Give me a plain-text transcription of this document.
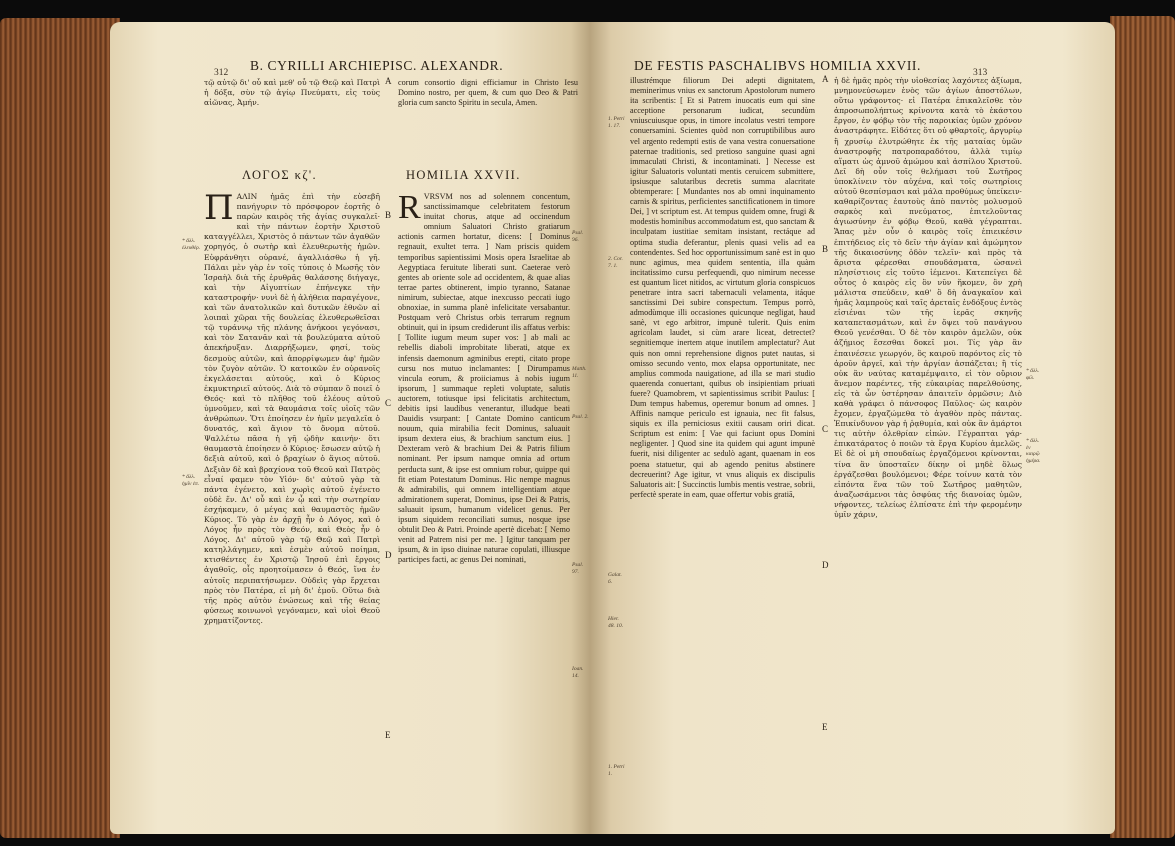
312 B. CYRILLI ARCHIEPISC. ALEXANDR.
τῷ αὐτῷ δι' οὗ καὶ μεθ' οὗ τῷ Θεῷ καὶ Πατρὶ ἡ δόξα, σὺν τῷ ἁγίῳ Πνεύματι, εἰς τοὺς αἰῶνας, Ἀμήν.
corum consortio digni efficiamur in Christo Iesu Domino nostro, per quem, & cum quo Deo & Patri gloria cum sancto Spiritu in secula, Amen.
ΛΟΓΟΣ κζ'.	HOMILIA XXVII.
ΠΑΛΙΝ ἡμᾶς ἐπὶ τὴν εὐσεβῆ πανήγυριν τὸ πρόσφορον ἐορτῆς ὁ παρὼν καιρὸς τῆς ἁγίας συγκαλεῖ· καὶ τὴν πάντων ἑορτὴν Χριστοῦ καταγγέλλει, Χριστὸς ὁ πάντων τῶν ἀγαθῶν χορηγός, ὁ σωτὴρ καὶ ἐλευθερωτὴς ἡμῶν. Εὐφράνθητι οὐρανέ, ἀγαλλιάσθω ἡ γῆ. Πάλαι μὲν γὰρ ἐν τοῖς τύποις ὁ Μωσῆς τὸν Ἰσραὴλ διὰ τῆς ἐρυθρᾶς θαλάσσης διήγαγε, καὶ τὴν Αἰγυπτίων ἐπήνεγκε τὴν καταστροφήν· νυνὶ δὲ ἡ ἀλήθεια παραγέγονε, καὶ τῶν ἀνατολικῶν καὶ δυτικῶν ἐθνῶν αἱ λοιπαὶ χῶραι τῆς δουλείας ἐλευθερωθεῖσαι τῷ τυράννῳ τῆς πλάνης ἀνήκοοι γεγόνασι, καὶ τὸν Σατανᾶν καὶ τὰ βουλεύματα αὐτοῦ ἀπεκήρυξαν. Διαρρήξωμεν, φησί, τοὺς δεσμοὺς αὐτῶν, καὶ ἀπορρίψωμεν ἀφ' ἡμῶν τὸν ζυγὸν αὐτῶν. Ὁ κατοικῶν ἐν οὐρανοῖς ἐκγελάσεται αὐτούς, καὶ ὁ Κύριος ἐκμυκτηριεῖ αὐτούς. Διὰ τὸ σύμπαν ὃ ποιεῖ ὁ Θεός· καὶ τὸ πλῆθος τοῦ ἐλέους αὐτοῦ ὑμνοῦμεν, καὶ τὰ θαυμάσια τοῖς υἱοῖς τῶν ἀνθρώπων. Ὅτι ἐποίησεν ἐν ἡμῖν μεγαλεῖα ὁ δυνατός, καὶ ἅγιον τὸ ὄνομα αὐτοῦ. Ψαλλέτω πᾶσα ἡ γῆ ᾠδὴν καινήν· ὅτι θαυμαστὰ ἐποίησεν ὁ Κύριος· ἔσωσεν αὐτῷ ἡ δεξιὰ αὐτοῦ, καὶ ὁ βραχίων ὁ ἅγιος αὐτοῦ. Δεξιὰν δὲ καὶ βραχίονα τοῦ Θεοῦ καὶ Πατρὸς εἶναί φαμεν τὸν Υἱόν· δι' αὐτοῦ γὰρ τὰ πάντα ἐγένετο, καὶ χωρὶς αὐτοῦ ἐγένετο οὐδὲ ἕν. Δι' οὗ καὶ ἐν ᾧ καὶ τὴν σωτηρίαν ἐσχήκαμεν, ὁ μέγας καὶ θαυμαστὸς ἡμῶν Κύριος. Τὸ γὰρ ἐν ἀρχῇ ἦν ὁ Λόγος, καὶ ὁ Λόγος ἦν πρὸς τὸν Θεόν, καὶ Θεὸς ἦν ὁ Λόγος. Δι' αὐτοῦ γὰρ τῷ Θεῷ καὶ Πατρὶ κατηλλάγημεν, καὶ ἐσμὲν αὐτοῦ ποίημα, κτισθέντες ἐν Χριστῷ Ἰησοῦ ἐπὶ ἔργοις ἀγαθοῖς, οἷς προητοίμασεν ὁ Θεός, ἵνα ἐν αὐτοῖς περιπατήσωμεν. Οὐδεὶς γὰρ ἔρχεται πρὸς τὸν Πατέρα, εἰ μὴ δι' ἐμοῦ. Οὕτω διὰ τῆς πρὸς αὐτὸν ἑνώσεως καὶ τῆς θείας φύσεως κοινωνοὶ γεγόναμεν, καὶ υἱοὶ Θεοῦ χρηματίζοντες.
RVRSVM nos ad solennem concentum, sanctissimamque celebritatem festorum inuitat chorus, atque ad occinendum omnium Saluatori Christo gratiarum actionis carmen hortatur, dicens: [ Dominus regnauit, exultet terra. ] Nam priscis quidem temporibus sapientissimi Mosis opera Israelitae ab Aegyptiaca feruitute liberati sunt. Caeterae verò gentes ab oriente sole ad occidentem, & quae alias terrae partes obtinerent, impio tyranno, Satanae nimirum, subiectae, atque inexcusso peccati iugo obnoxiae, in summa planè infelicitate versabantur. Postquam verò Christus orbis terrarum regnum obtinuit, qui in ipsum crediderunt ilis affatus verbis: [ Tollite iugum meum super vos: ] ab mali ac rebellis diaboli improbitate liberati, atque ex infensis daemonum agminibus erepti, citato prope cursu nos mutuo inclamantes: [ Dirumpamus vincula eorum, & proiiciamus à nobis iugum ipsorum, ] summaque repleti voluptate, salutis auctorem, totiusque ipsi felicitatis architectum, debitis ipsi laudibus venerantur, illudque beati Dauidis vsurpant: [ Cantate Domino canticum nouum, quia mirabilia fecit Dominus, saluauit ipsum dextera eius, & brachium sanctum eius. ] Dexteram verò & brachium Dei & Patris filium nominant. Per ipsum namque omnia ad ortum perducta sunt, & ipse est omnium robur, quippe qui fit etiam Potestatum Dominus. Hic nempe magnus & admirabilis, qui omnem intelligentiam atque admirationem superat, Dominus, ipse Dei & Patris, saluauit ipsum, humanum videlicet genus. Per ipsum siquidem reconciliati sumus, nosque ipse obtulit Deo & Patri. Proinde apertè dicebat: [ Nemo venit ad Patrem nisi per me. ] Igitur tanquam per ipsum, & in ipso diuinae naturae copulati, illiusque participes facti, ac genus Dei nominati,
A
B
C
D
E
* ἄλλ. ἐλευθέρ.
* ἄλλ. ἡμῖν ἐπ.
Psal. 96.
Matth. 11.
Psal. 2.
Psal. 97.
Ioan. 14.
DE FESTIS PASCHALIBVS HOMILIA XXVII.	313
illustrémque filiorum Dei adepti dignitatem, meminerimus vnius ex sanctorum Apostolorum numero ita scribentis: [ Et si Patrem inuocatis eum qui sine acceptione personarum iudicat, secundùm vniuscuiusque opus, in timore incolatus vestri tempore conuersamini. Scientes quòd non corruptibilibus auro vel argento redempti estis de vana vestra conuersatione paternae traditionis, sed pretioso sanguine quasi agni immaculati Christi, & incontaminati. ] Necesse est igitur Saluatoris voluntati mentis ceruicem submittere, ipsiusque salutaribus decretis summa alacritate obtemperare: [ Mundantes nos ab omni inquinamento carnis & spiritus, perficientes sanctificationem in timore Dei, ] vt scriptum est. At tempus quidem omne, frugi & modestis hominibus accommodatum est, quo sanctam & inculpatam iustitiae semitam insistant, rectáque ad optima studia deferantur, plenis quasi velis ad ea contendentes. Sed hoc opportunissimum sanè est in quo nunc agimus, mea quidem sententia, illa quàm incitatissimo cursu perfequendi, quo nimirum necesse est quantum licet nitidos, ac virtutum gloria conspicuos penetrare intra sacri tabernaculi velamenta, itáque sanctissimi Dei subire conspectum. Tempus porrò, admodùmque illi occasiones quicunque negligat, haud sanè, vt ego arbitror, impunè tulerit. Quis enim agricolam laudet, si cùm arare liceat, detrectet? segnitiemque inertem atque inutilem amplectatur? Aut quis non omni reprehensione dignos putet nautas, si omisso secundo vento, mox elapsa opportunitate, nec amplius commoda nauigatione, ad illa se mari studio quaerenda conuertant, quibus ob insipientiam priuati fuere? Quamobrem, vt sapientissimus scribit Paulus: [ Dum tempus habemus, operemur bonum ad omnes. ] Affinis namque periculo est ignauia, nec fit falsus, siquis ex illa perniciosus exitii causam oriri dicat. Scriptum est enim: [ Vae qui faciunt opus Domini negligenter. ] Quod sine ita quidem qui agunt impunè fuerit, nisi diligenter ac sedulò agant, quaenam in eos poena statuetur, qui ab agendo penitus abstinere decreuerint? Age igitur, vt vnus aliquis ex discipulis Saluatoris ait: [ Succinctis lumbis mentis vestrae, sobrii, perfectè sperate in eam, quae offertur vobis gratiā,
ἡ δὲ ἡμᾶς πρὸς τὴν υἱοθεσίας λαχόντες ἀξίωμα, μνημονεύσωμεν ἑνὸς τῶν ἁγίων ἀποστόλων, οὕτω γράφοντος· εἰ Πατέρα ἐπικαλεῖσθε τὸν ἀπροσωπολήπτως κρίνοντα κατὰ τὸ ἑκάστου ἔργον, ἐν φόβῳ τὸν τῆς παροικίας ὑμῶν χρόνον ἀναστράφητε. Εἰδότες ὅτι οὐ φθαρτοῖς, ἀργυρίῳ ἢ χρυσίῳ ἐλυτρώθητε ἐκ τῆς ματαίας ὑμῶν ἀναστροφῆς πατροπαραδότου, ἀλλὰ τιμίῳ αἵματι ὡς ἀμνοῦ ἀμώμου καὶ ἀσπίλου Χριστοῦ. Δεῖ δὴ οὖν τοῖς θελήμασι τοῦ Σωτῆρος ὑποκλίνειν τὸν αὐχένα, καὶ τοῖς σωτηρίοις αὐτοῦ θεσπίσμασι καὶ μάλα προθύμως ὑπείκειν· καθαρίζοντας ἑαυτοὺς ἀπὸ παντὸς μολυσμοῦ σαρκὸς καὶ πνεύματος, ἐπιτελοῦντας ἁγιωσύνην ἐν φόβῳ Θεοῦ, καθὰ γέγραπται. Ἅπας μὲν οὖν ὁ καιρὸς τοῖς ἐπιεικέσιν ἐπιτήδειος εἰς τὸ δεῖν τὴν ἁγίαν καὶ ἀμώμητον τῆς δικαιοσύνης ὁδὸν τελεῖν· καὶ πρὸς τὰ ἄριστα φέρεσθαι σπουδάσματα, ὡσανεὶ πλησίστιοις εἰς τοῦτο ἱέμενοι. Κατεπείγει δὲ οὗτος ὁ καιρὸς εἰς ὃν νῦν ἥκομεν, ὃν χρὴ μάλιστα σπεύδειν, καθ' ὃ δὴ ἀναγκαῖον καὶ ἡμᾶς λαμπροὺς καὶ ταῖς ἀρεταῖς ἐνδόξους ἐντὸς εἰσιέναι τῶν τῆς ἱερᾶς σκηνῆς καταπετασμάτων, καὶ ἐν ὄψει τοῦ πανάγνου Θεοῦ γενέσθαι. Ὁ δὲ τὸν καιρὸν ἀμελῶν, οὐκ ἀζήμιος ἔσεσθαι δοκεῖ μοι. Τίς γὰρ ἂν ἐπαινέσειε γεωργόν, ὃς καιροῦ παρόντος εἰς τὸ ἀροῦν ἀργεῖ, καὶ τὴν ἀργίαν ἀσπάζεται; ἢ τίς οὐκ ἂν ναύτας καταμέμψαιτο, εἰ τὸν οὔριον ἄνεμον παρέντες, τῆς εὐκαιρίας παρελθούσης, εἰς τὰ ὧν ὑστέρησαν ἀπαιτεῖν ὁρμῶσιν; Διὸ καθὰ γράφει ὁ πάνσοφος Παῦλος· ὡς καιρὸν ἔχομεν, ἐργαζώμεθα τὸ ἀγαθὸν πρὸς πάντας. Ἐπικίνδυνον γὰρ ἡ ῥᾳθυμία, καὶ οὐκ ἂν ἁμάρτοι τις αὐτὴν ὀλεθρίαν εἰπών. Γέγραπται γάρ· ἐπικατάρατος ὁ ποιῶν τὰ ἔργα Κυρίου ἀμελῶς. Εἰ δὲ οἱ μὴ σπουδαίως ἐργαζόμενοι κρίνονται, τίνα ἂν ὑποσταῖεν δίκην οἱ μηδὲ ὅλως ἐργάζεσθαι βουλόμενοι; Φέρε τοίνυν κατὰ τὸν εἰπόντα ἕνα τῶν τοῦ Σωτῆρος μαθητῶν, ἀναζωσάμενοι τὰς ὀσφύας τῆς διανοίας ὑμῶν, νήφοντες, τελείως ἐλπίσατε ἐπὶ τὴν φερομένην ὑμῖν χάριν,
A
B
C
D
E
1. Petri 1. 17.
2. Cor. 7. 1.
* ἄλλ. φίλ.
* ἄλλ. ἐν καιρῷ ἡμέρα.
Galat. 6.
Hier. 48. 10.
1. Petri 1.
